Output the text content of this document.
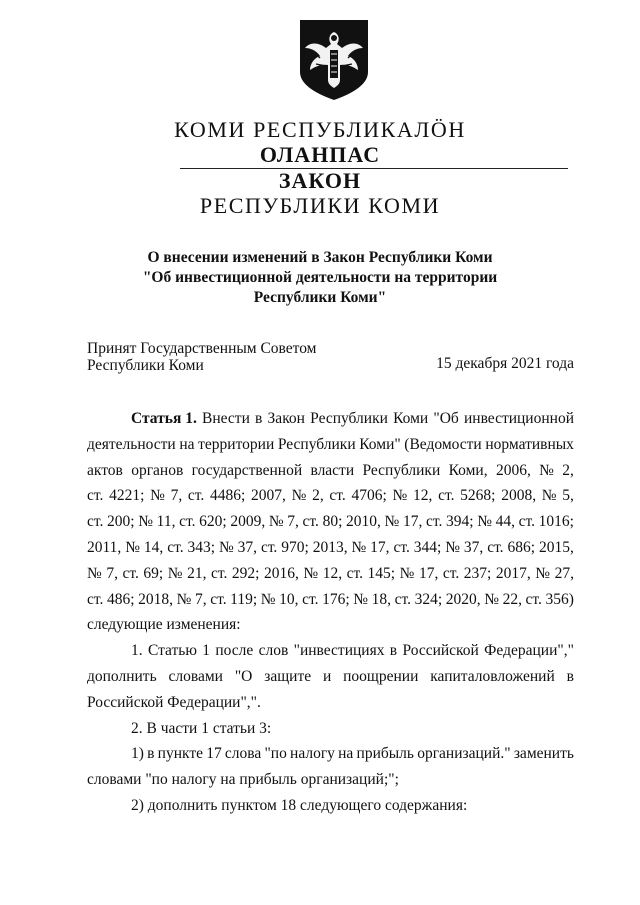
КОМИ РЕСПУБЛИКАЛӦН
ОЛАНПАС
ЗАКОН
РЕСПУБЛИКИ КОМИ
О внесении изменений в Закон Республики Коми
"Об инвестиционной деятельности на территории
Республики Коми"
Принят Государственным Советом
Республики Коми	15 декабря 2021 года
Статья 1. Внести в Закон Республики Коми "Об инвестиционной
деятельности на территории Республики Коми" (Ведомости нормативных
актов органов государственной власти Республики Коми, 2006, № 2,
ст. 4221; № 7, ст. 4486; 2007, № 2, ст. 4706; № 12, ст. 5268; 2008, № 5,
ст. 200; № 11, ст. 620; 2009, № 7, ст. 80; 2010, № 17, ст. 394; № 44, ст. 1016;
2011, № 14, ст. 343; № 37, ст. 970; 2013, № 17, ст. 344; № 37, ст. 686; 2015,
№ 7, ст. 69; № 21, ст. 292; 2016, № 12, ст. 145; № 17, ст. 237; 2017, № 27,
ст. 486; 2018, № 7, ст. 119; № 10, ст. 176; № 18, ст. 324; 2020, № 22, ст. 356)
следующие изменения:
1. Статью 1 после слов "инвестициях в Российской Федерации","
дополнить словами "О защите и поощрении капиталовложений в
Российской Федерации",".
2. В части 1 статьи 3:
1) в пункте 17 слова "по налогу на прибыль организаций." заменить
словами "по налогу на прибыль организаций;";
2) дополнить пунктом 18 следующего содержания:
